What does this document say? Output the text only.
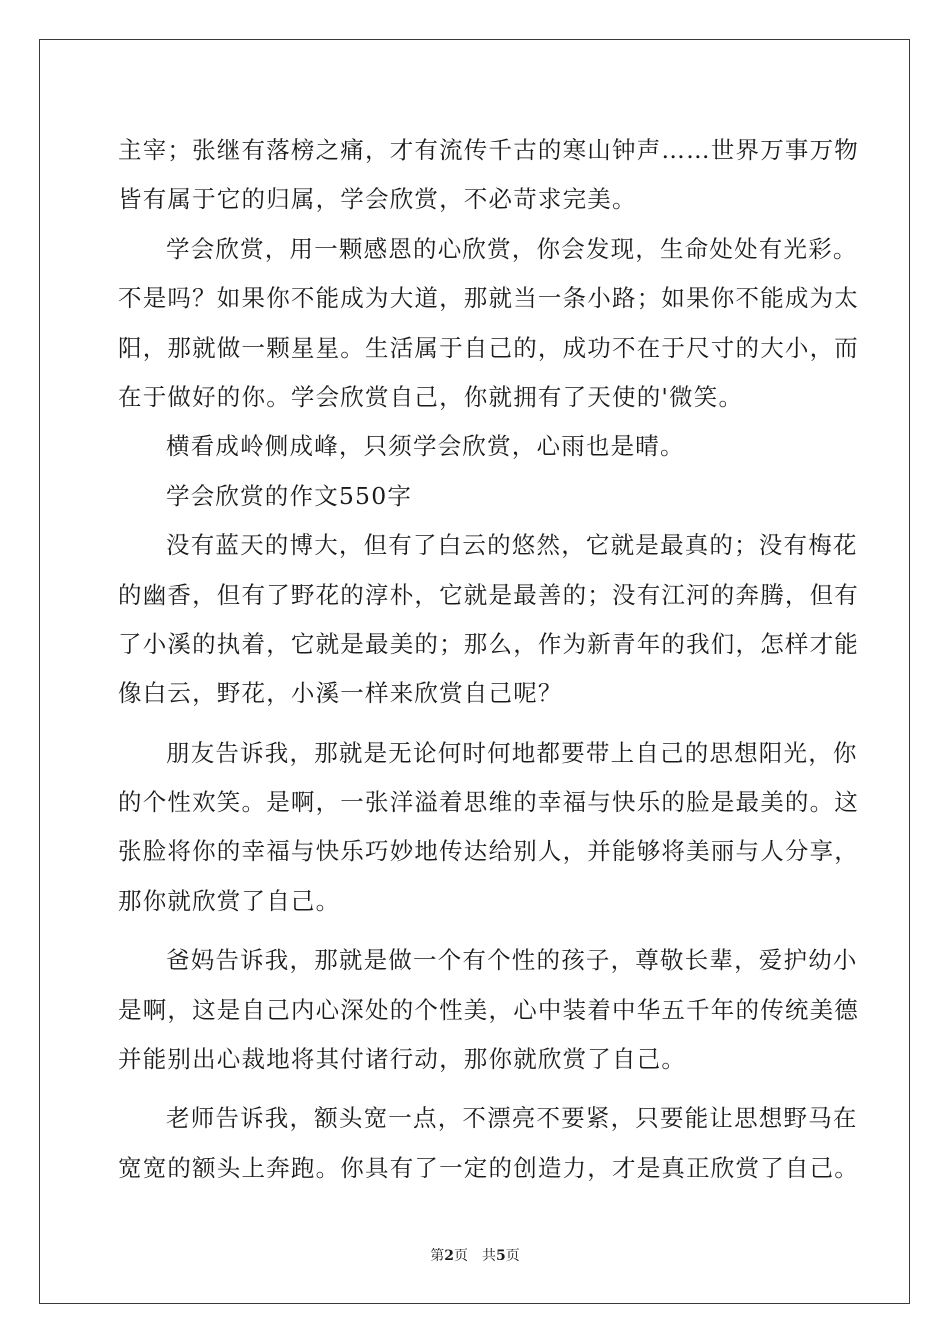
主宰；张继有落榜之痛，才有流传千古的寒山钟声……世界万事万物
皆有属于它的归属，学会欣赏，不必苛求完美。
学会欣赏，用一颗感恩的心欣赏，你会发现，生命处处有光彩。
不是吗？如果你不能成为大道，那就当一条小路；如果你不能成为太
阳，那就做一颗星星。生活属于自己的，成功不在于尺寸的大小，而
在于做好的你。学会欣赏自己，你就拥有了天使的'微笑。
横看成岭侧成峰，只须学会欣赏，心雨也是晴。
学会欣赏的作文550字
没有蓝天的博大，但有了白云的悠然，它就是最真的；没有梅花
的幽香，但有了野花的淳朴，它就是最善的；没有江河的奔腾，但有
了小溪的执着，它就是最美的；那么，作为新青年的我们，怎样才能
像白云，野花，小溪一样来欣赏自己呢？
朋友告诉我，那就是无论何时何地都要带上自己的思想阳光，你
的个性欢笑。是啊，一张洋溢着思维的幸福与快乐的脸是最美的。这
张脸将你的幸福与快乐巧妙地传达给别人，并能够将美丽与人分享，
那你就欣赏了自己。
爸妈告诉我，那就是做一个有个性的孩子，尊敬长辈，爱护幼小
是啊，这是自己内心深处的个性美，心中装着中华五千年的传统美德
并能别出心裁地将其付诸行动，那你就欣赏了自己。
老师告诉我，额头宽一点，不漂亮不要紧，只要能让思想野马在
宽宽的额头上奔跑。你具有了一定的创造力，才是真正欣赏了自己。
第2页 共5页
